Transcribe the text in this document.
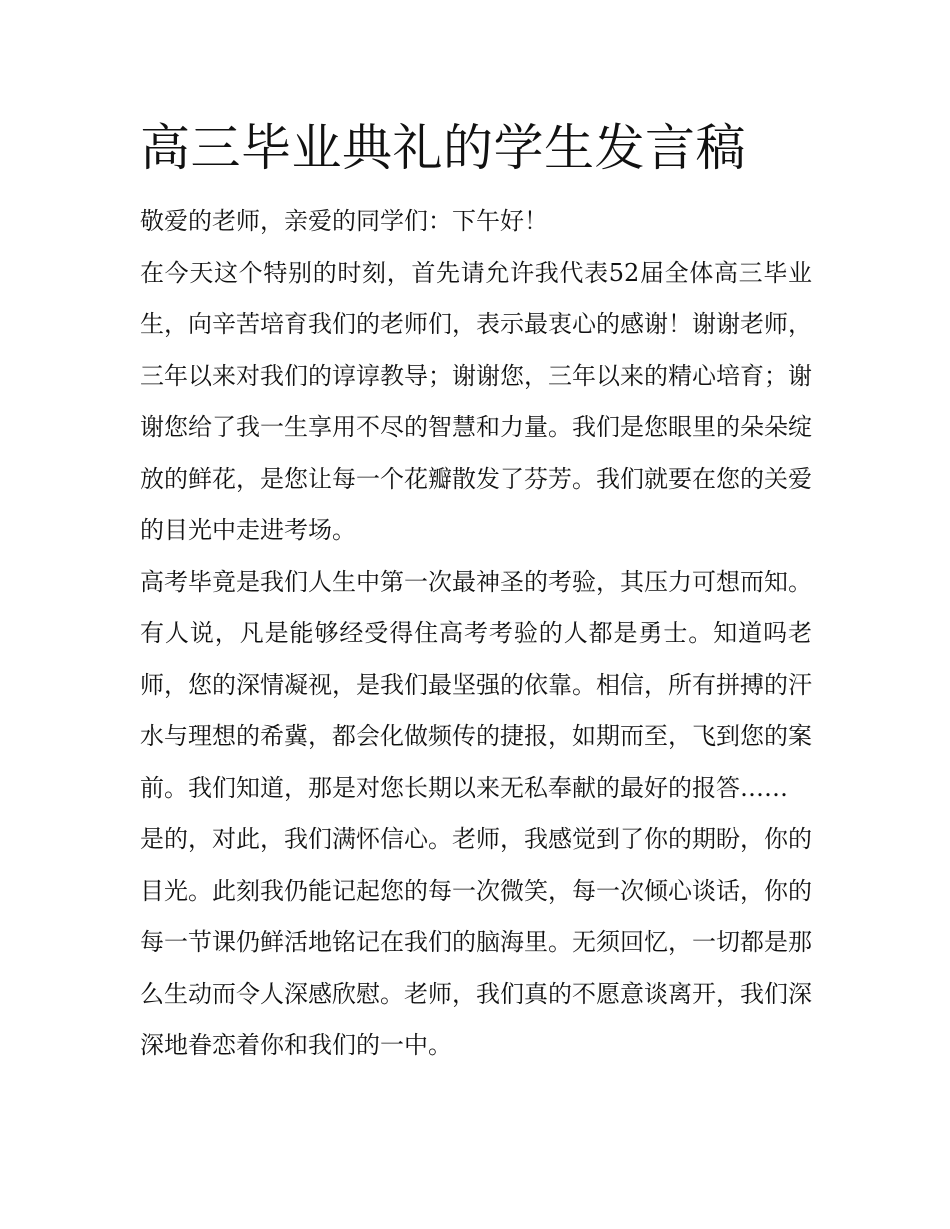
高三毕业典礼的学生发言稿

敬爱的老师，亲爱的同学们：下午好！

在今天这个特别的时刻，首先请允许我代表52届全体高三毕业生，向辛苦培育我们的老师们，表示最衷心的感谢！谢谢老师，三年以来对我们的谆谆教导；谢谢您，三年以来的精心培育；谢谢您给了我一生享用不尽的智慧和力量。我们是您眼里的朵朵绽放的鲜花，是您让每一个花瓣散发了芬芳。我们就要在您的关爱的目光中走进考场。

高考毕竟是我们人生中第一次最神圣的考验，其压力可想而知。有人说，凡是能够经受得住高考考验的人都是勇士。知道吗老师，您的深情凝视，是我们最坚强的依靠。相信，所有拼搏的汗水与理想的希冀，都会化做频传的捷报，如期而至，飞到您的案前。我们知道，那是对您长期以来无私奉献的最好的报答……

是的，对此，我们满怀信心。老师，我感觉到了你的期盼，你的目光。此刻我仍能记起您的每一次微笑，每一次倾心谈话，你的每一节课仍鲜活地铭记在我们的脑海里。无须回忆，一切都是那么生动而令人深感欣慰。老师，我们真的不愿意谈离开，我们深深地眷恋着你和我们的一中。
